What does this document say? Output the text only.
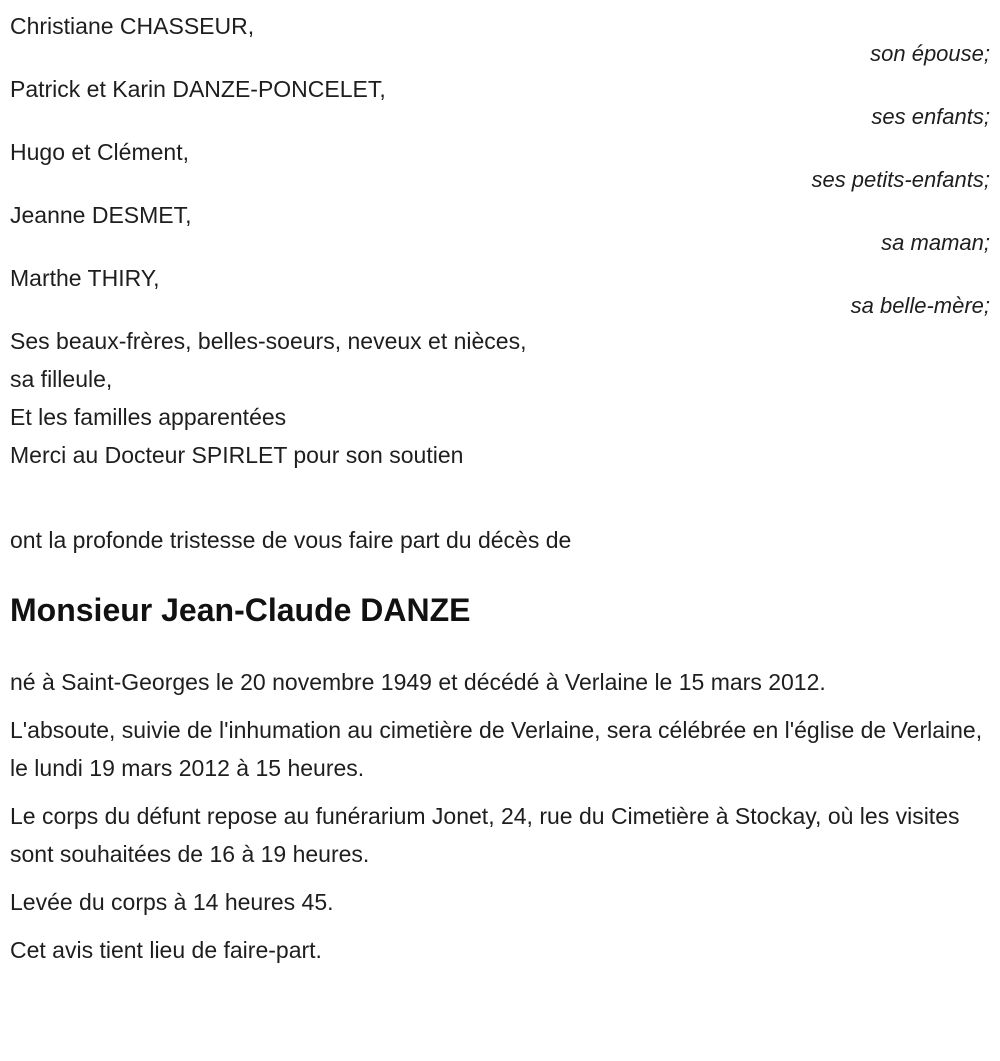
Christiane CHASSEUR,
son épouse;
Patrick et Karin DANZE-PONCELET,
ses enfants;
Hugo et Clément,
ses petits-enfants;
Jeanne DESMET,
sa maman;
Marthe THIRY,
sa belle-mère;

Ses beaux-frères, belles-soeurs, neveux et nièces,

sa filleule,

Et les familles apparentées

Merci au Docteur SPIRLET pour son soutien

ont la profonde tristesse de vous faire part du décès de

Monsieur Jean-Claude DANZE

né à Saint-Georges le 20 novembre 1949 et décédé à Verlaine le 15 mars 2012.

L'absoute, suivie de l'inhumation au cimetière de Verlaine, sera célébrée en l'église de Verlaine, le lundi 19 mars 2012 à 15 heures.

Le corps du défunt repose au funérarium Jonet, 24, rue du Cimetière à Stockay, où les visites sont souhaitées de 16 à 19 heures.

Levée du corps à 14 heures 45.

Cet avis tient lieu de faire-part.
